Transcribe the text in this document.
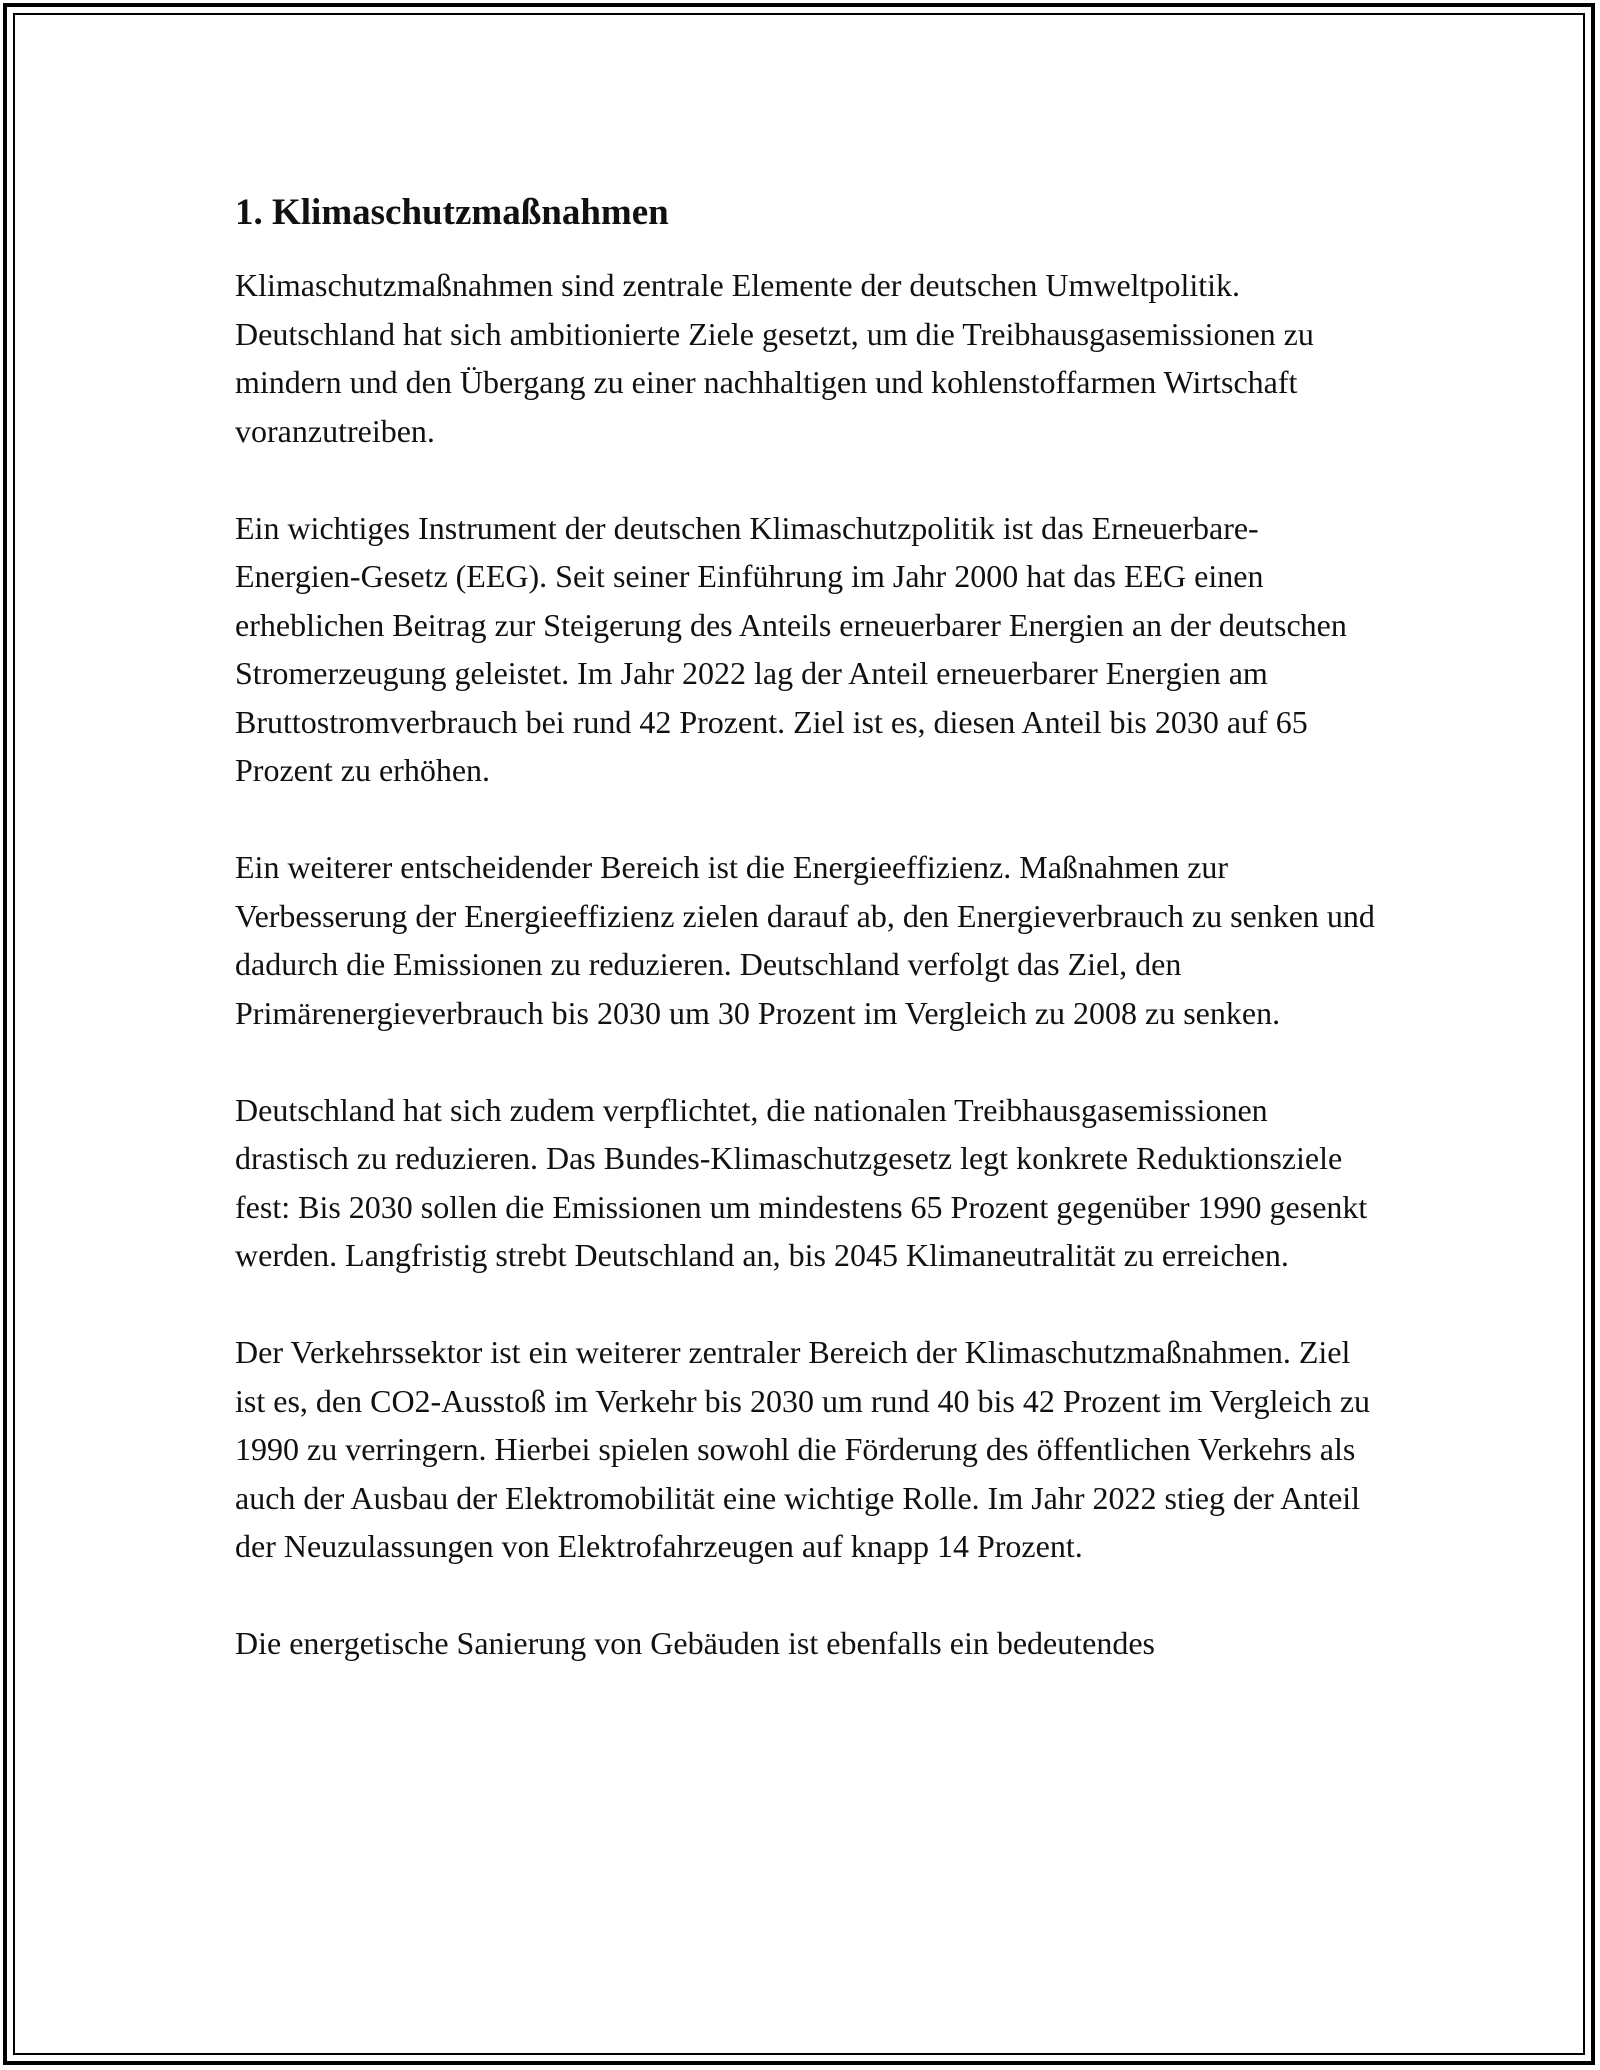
1. Klimaschutzmaßnahmen

Klimaschutzmaßnahmen sind zentrale Elemente der deutschen Umweltpolitik. Deutschland hat sich ambitionierte Ziele gesetzt, um die Treibhausgasemissionen zu mindern und den Übergang zu einer nachhaltigen und kohlenstoffarmen Wirtschaft voranzutreiben.

Ein wichtiges Instrument der deutschen Klimaschutzpolitik ist das Erneuerbare-Energien-Gesetz (EEG). Seit seiner Einführung im Jahr 2000 hat das EEG einen erheblichen Beitrag zur Steigerung des Anteils erneuerbarer Energien an der deutschen Stromerzeugung geleistet. Im Jahr 2022 lag der Anteil erneuerbarer Energien am Bruttostromverbrauch bei rund 42 Prozent. Ziel ist es, diesen Anteil bis 2030 auf 65 Prozent zu erhöhen.

Ein weiterer entscheidender Bereich ist die Energieeffizienz. Maßnahmen zur Verbesserung der Energieeffizienz zielen darauf ab, den Energieverbrauch zu senken und dadurch die Emissionen zu reduzieren. Deutschland verfolgt das Ziel, den Primärenergieverbrauch bis 2030 um 30 Prozent im Vergleich zu 2008 zu senken.

Deutschland hat sich zudem verpflichtet, die nationalen Treibhausgasemissionen drastisch zu reduzieren. Das Bundes-Klimaschutzgesetz legt konkrete Reduktionsziele fest: Bis 2030 sollen die Emissionen um mindestens 65 Prozent gegenüber 1990 gesenkt werden. Langfristig strebt Deutschland an, bis 2045 Klimaneutralität zu erreichen.

Der Verkehrssektor ist ein weiterer zentraler Bereich der Klimaschutzmaßnahmen. Ziel ist es, den CO2-Ausstoß im Verkehr bis 2030 um rund 40 bis 42 Prozent im Vergleich zu 1990 zu verringern. Hierbei spielen sowohl die Förderung des öffentlichen Verkehrs als auch der Ausbau der Elektromobilität eine wichtige Rolle. Im Jahr 2022 stieg der Anteil der Neuzulassungen von Elektrofahrzeugen auf knapp 14 Prozent.

Die energetische Sanierung von Gebäuden ist ebenfalls ein bedeutendes
